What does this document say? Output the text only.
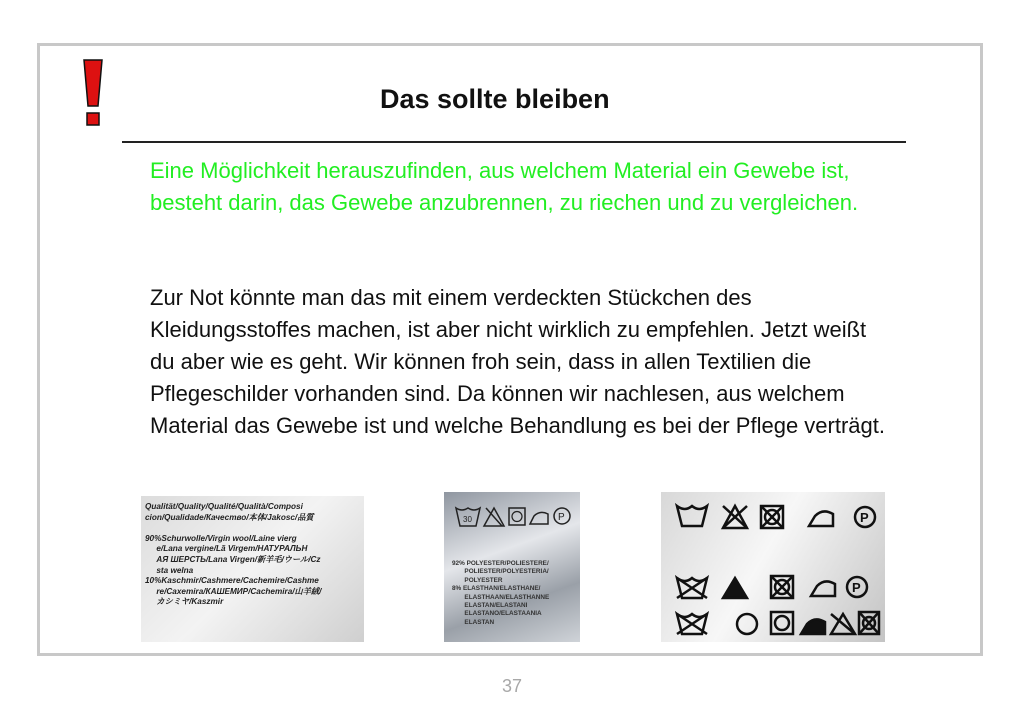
Das sollte bleiben

Eine Möglichkeit herauszufinden, aus welchem Material ein Gewebe ist, besteht darin, das Gewebe anzubrennen, zu riechen und zu vergleichen.

Zur Not könnte man das mit einem verdeckten Stückchen des Kleidungsstoffes machen, ist aber nicht wirklich zu empfehlen. Jetzt weißt du aber wie es geht. Wir können froh sein, dass in allen Textilien die Pflegeschilder vorhanden sind. Da können wir nachlesen, aus welchem Material das Gewebe ist und welche Behandlung es bei der Pflege verträgt.

Qualität/Quality/Qualité/Qualità/Composi
cion/Qualidade/Качество/本体/Jakosc/品質

90%Schurwolle/Virgin wool/Laine vierg
e/Lana vergine/Lã Virgem/НАТУРАЛЬН
АЯ ШЕРСТЬ/Lana Virgen/新羊毛/ウール/Cz
sta welna
10%Kaschmir/Cashmere/Cachemire/Cashme
re/Caxemira/КАШЕМИР/Cachemira/山羊絨/
カシミヤ/Kaszmir
30	P
92% POLYESTER/POLIESTERE/
POLIESTER/POLYESTERIA/
POLYESTER
8% ELASTHAN/ELASTHANE/
ELASTHAAN/ELASTHANNE
ELASTAN/ELASTANI
ELASTANO/ELASTAANIA
ELASTAN
P
P
37
